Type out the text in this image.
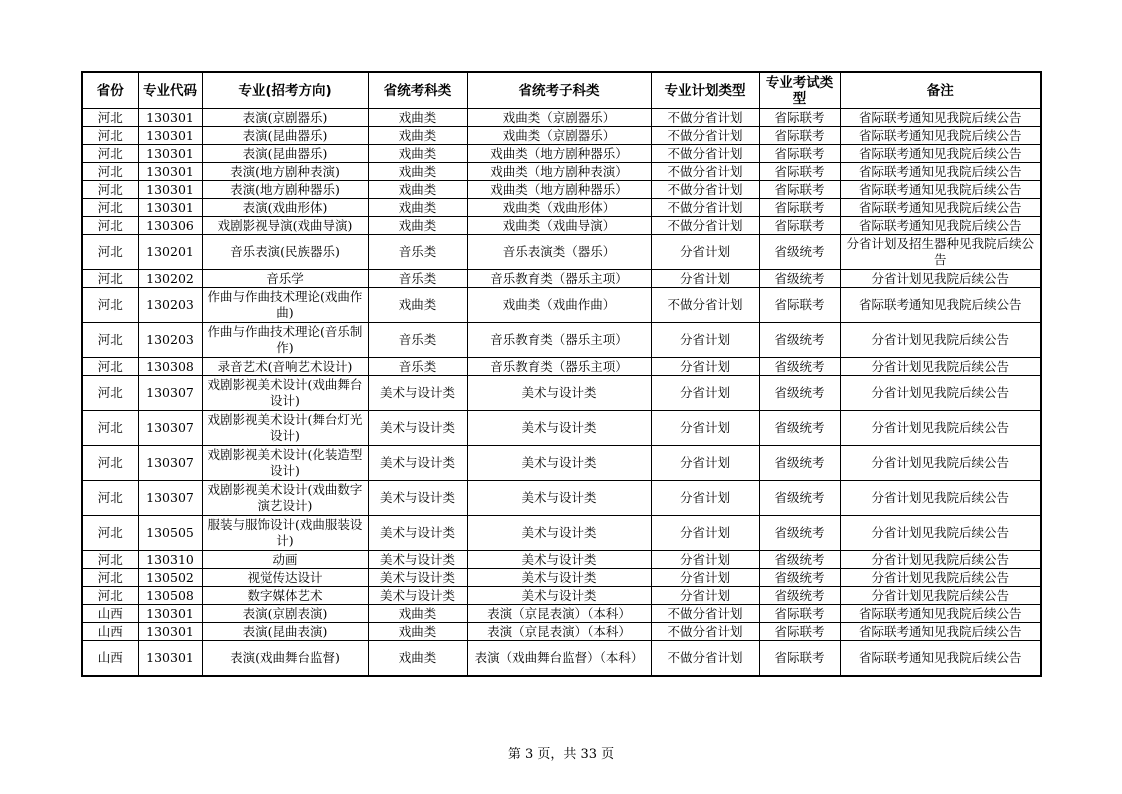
省份	专业代码	专业(招考方向)	省统考科类	省统考子科类	专业计划类型	专业考试类型	备注
河北	130301	表演(京剧器乐)	戏曲类	戏曲类（京剧器乐）	不做分省计划	省际联考	省际联考通知见我院后续公告
河北	130301	表演(昆曲器乐)	戏曲类	戏曲类（京剧器乐）	不做分省计划	省际联考	省际联考通知见我院后续公告
河北	130301	表演(昆曲器乐)	戏曲类	戏曲类（地方剧种器乐）	不做分省计划	省际联考	省际联考通知见我院后续公告
河北	130301	表演(地方剧种表演)	戏曲类	戏曲类（地方剧种表演）	不做分省计划	省际联考	省际联考通知见我院后续公告
河北	130301	表演(地方剧种器乐)	戏曲类	戏曲类（地方剧种器乐）	不做分省计划	省际联考	省际联考通知见我院后续公告
河北	130301	表演(戏曲形体)	戏曲类	戏曲类（戏曲形体）	不做分省计划	省际联考	省际联考通知见我院后续公告
河北	130306	戏剧影视导演(戏曲导演)	戏曲类	戏曲类（戏曲导演）	不做分省计划	省际联考	省际联考通知见我院后续公告
河北	130201	音乐表演(民族器乐)	音乐类	音乐表演类（器乐）	分省计划	省级统考	分省计划及招生器种见我院后续公告
河北	130202	音乐学	音乐类	音乐教育类（器乐主项）	分省计划	省级统考	分省计划见我院后续公告
河北	130203	作曲与作曲技术理论(戏曲作曲)	戏曲类	戏曲类（戏曲作曲）	不做分省计划	省际联考	省际联考通知见我院后续公告
河北	130203	作曲与作曲技术理论(音乐制作)	音乐类	音乐教育类（器乐主项）	分省计划	省级统考	分省计划见我院后续公告
河北	130308	录音艺术(音响艺术设计)	音乐类	音乐教育类（器乐主项）	分省计划	省级统考	分省计划见我院后续公告
河北	130307	戏剧影视美术设计(戏曲舞台设计)	美术与设计类	美术与设计类	分省计划	省级统考	分省计划见我院后续公告
河北	130307	戏剧影视美术设计(舞台灯光设计)	美术与设计类	美术与设计类	分省计划	省级统考	分省计划见我院后续公告
河北	130307	戏剧影视美术设计(化装造型设计)	美术与设计类	美术与设计类	分省计划	省级统考	分省计划见我院后续公告
河北	130307	戏剧影视美术设计(戏曲数字演艺设计)	美术与设计类	美术与设计类	分省计划	省级统考	分省计划见我院后续公告
河北	130505	服装与服饰设计(戏曲服装设计)	美术与设计类	美术与设计类	分省计划	省级统考	分省计划见我院后续公告
河北	130310	动画	美术与设计类	美术与设计类	分省计划	省级统考	分省计划见我院后续公告
河北	130502	视觉传达设计	美术与设计类	美术与设计类	分省计划	省级统考	分省计划见我院后续公告
河北	130508	数字媒体艺术	美术与设计类	美术与设计类	分省计划	省级统考	分省计划见我院后续公告
山西	130301	表演(京剧表演)	戏曲类	表演（京昆表演）（本科）	不做分省计划	省际联考	省际联考通知见我院后续公告
山西	130301	表演(昆曲表演)	戏曲类	表演（京昆表演）（本科）	不做分省计划	省际联考	省际联考通知见我院后续公告
山西	130301	表演(戏曲舞台监督)	戏曲类	表演（戏曲舞台监督）（本科）	不做分省计划	省际联考	省际联考通知见我院后续公告
第 3 页，共 33 页
